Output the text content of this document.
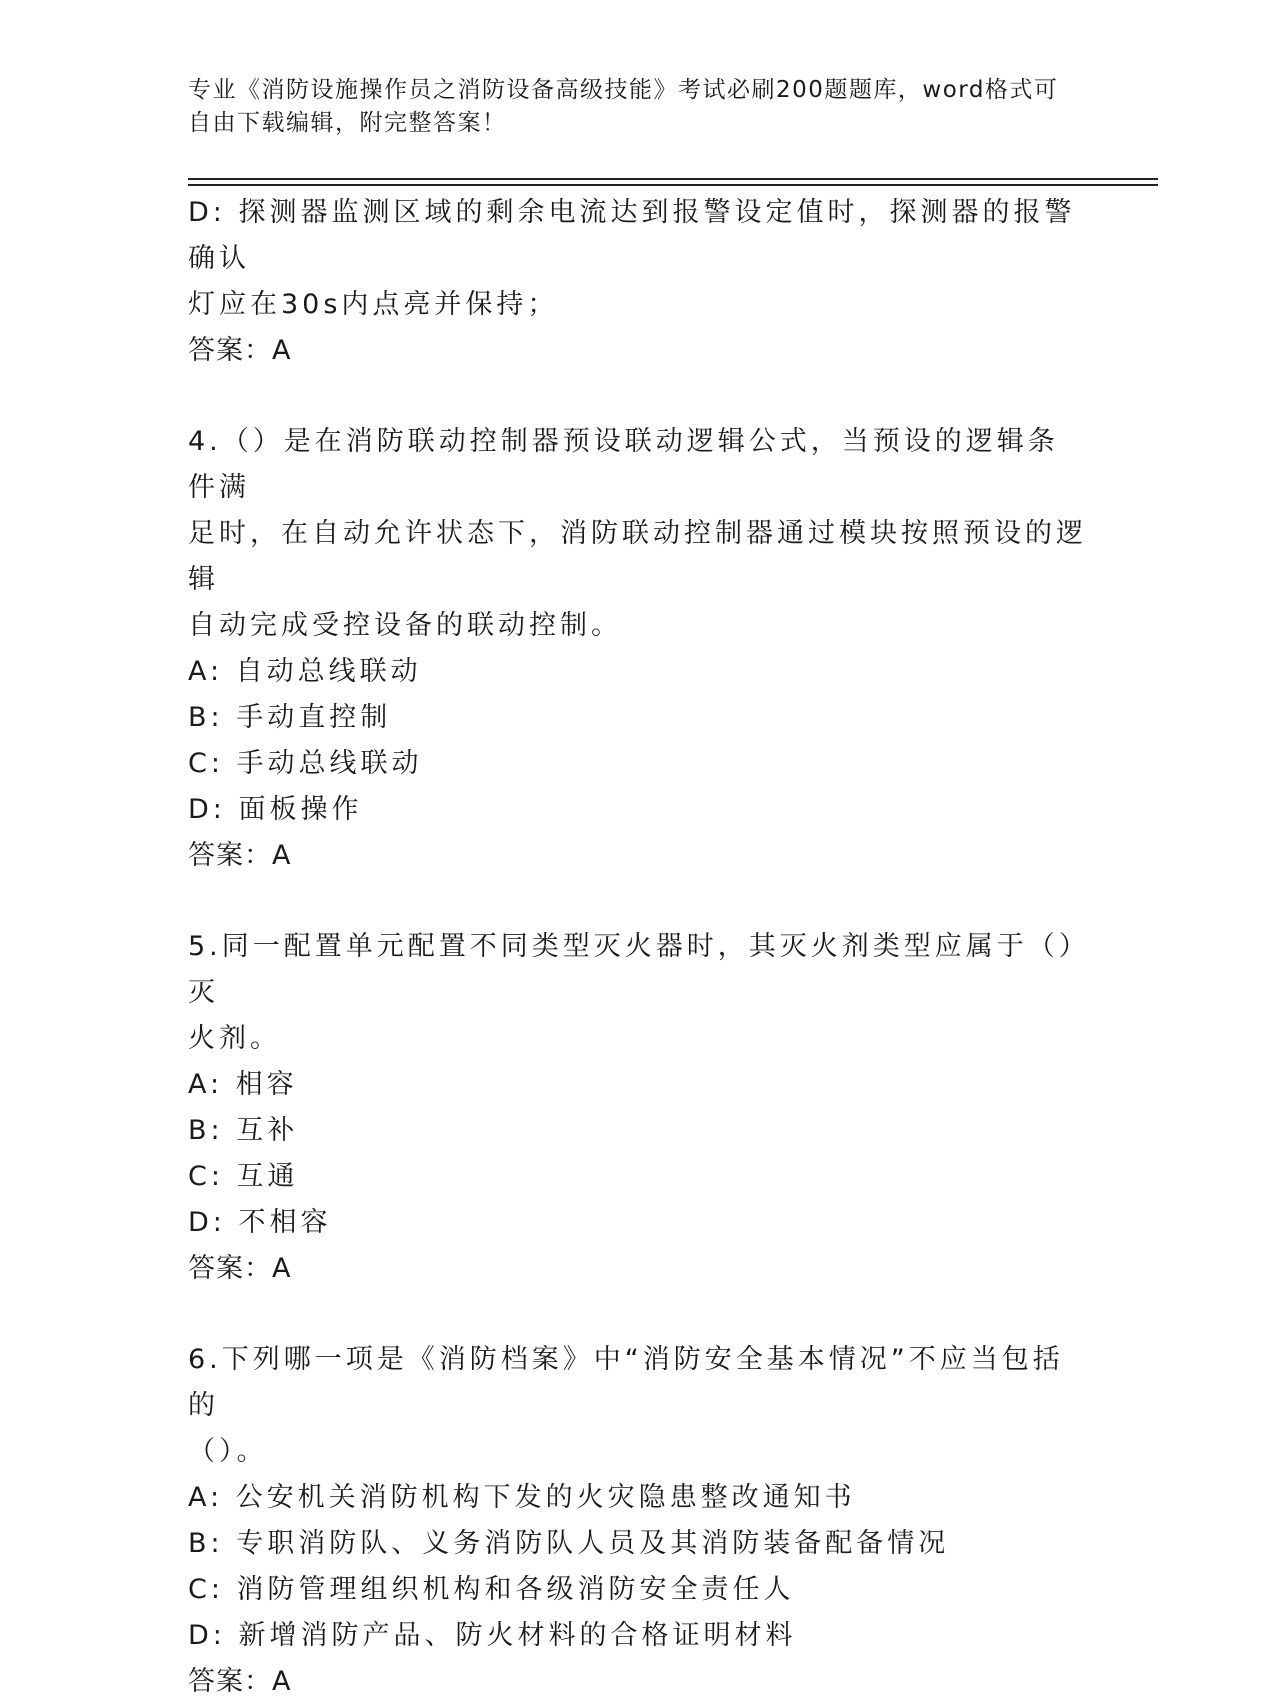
专业《消防设施操作员之消防设备高级技能》考试必刷200题题库，word格式可
自由下载编辑，附完整答案！
D: 探测器监测区域的剩余电流达到报警设定值时，探测器的报警确认
灯应在30s内点亮并保持；
答案：A
4.（）是在消防联动控制器预设联动逻辑公式，当预设的逻辑条件满
足时，在自动允许状态下，消防联动控制器通过模块按照预设的逻辑
自动完成受控设备的联动控制。
A: 自动总线联动
B: 手动直控制
C: 手动总线联动
D: 面板操作
答案：A
5.同一配置单元配置不同类型灭火器时，其灭火剂类型应属于（）灭
火剂。
A: 相容
B: 互补
C: 互通
D: 不相容
答案：A
6.下列哪一项是《消防档案》中“消防安全基本情况”不应当包括的
（）。
A: 公安机关消防机构下发的火灾隐患整改通知书
B: 专职消防队、义务消防队人员及其消防装备配备情况
C: 消防管理组织机构和各级消防安全责任人
D: 新增消防产品、防火材料的合格证明材料
答案：A
